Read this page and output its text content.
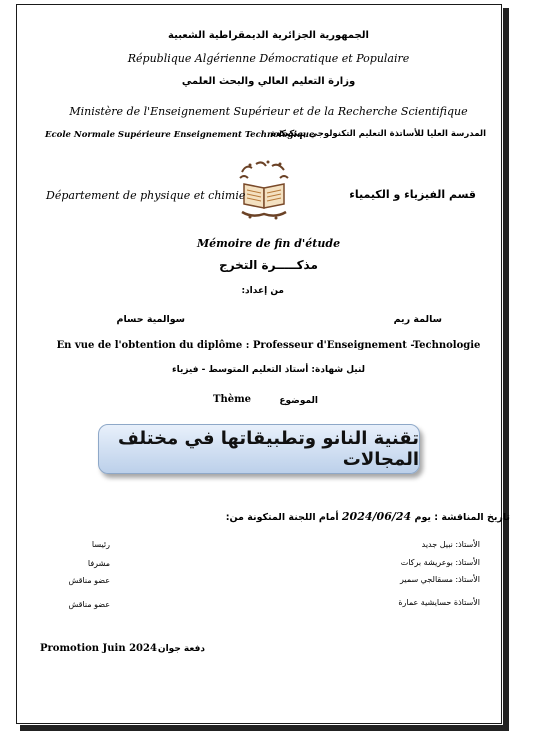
الجمهورية الجزائرية الديمقراطية الشعبية
République Algérienne Démocratique et Populaire
وزارة التعليم العالي والبحث العلمي
Ministère de l'Enseignement Supérieur et de la Recherche Scientifique
Ecole Normale Supérieure Enseignement Technologique
المدرسة العليا للأساتذة التعليم التكنولوجي بسكيكدة
Département de physique et chimie	قسم الفيزياء و الكيمياء
Mémoire de fin d'étude
مذكـــــرة التخرج
من إعداد:
سالمة ريم
سوالمية حسام
En vue de l'obtention du diplôme : Professeur d'Enseignement -Technologie
لنيل شهادة: أستاذ التعليم المتوسط - فيزياء
Thème	الموضوع
تقنية النانو وتطبيقاتها في مختلف المجالات
تاريخ المناقشة : يوم 2024/06/24 أمام اللجنة المتكونة من:
الأستاذ: نبيل جديد
رئيسا
الأستاذ: بوعريشة بركات
مشرفا
الأستاذ: مسقالجي سمير
عضو مناقش
الأستاذة حسايشية عمارة
عضو مناقش
Promotion Juin 2024 دفعة جوان
